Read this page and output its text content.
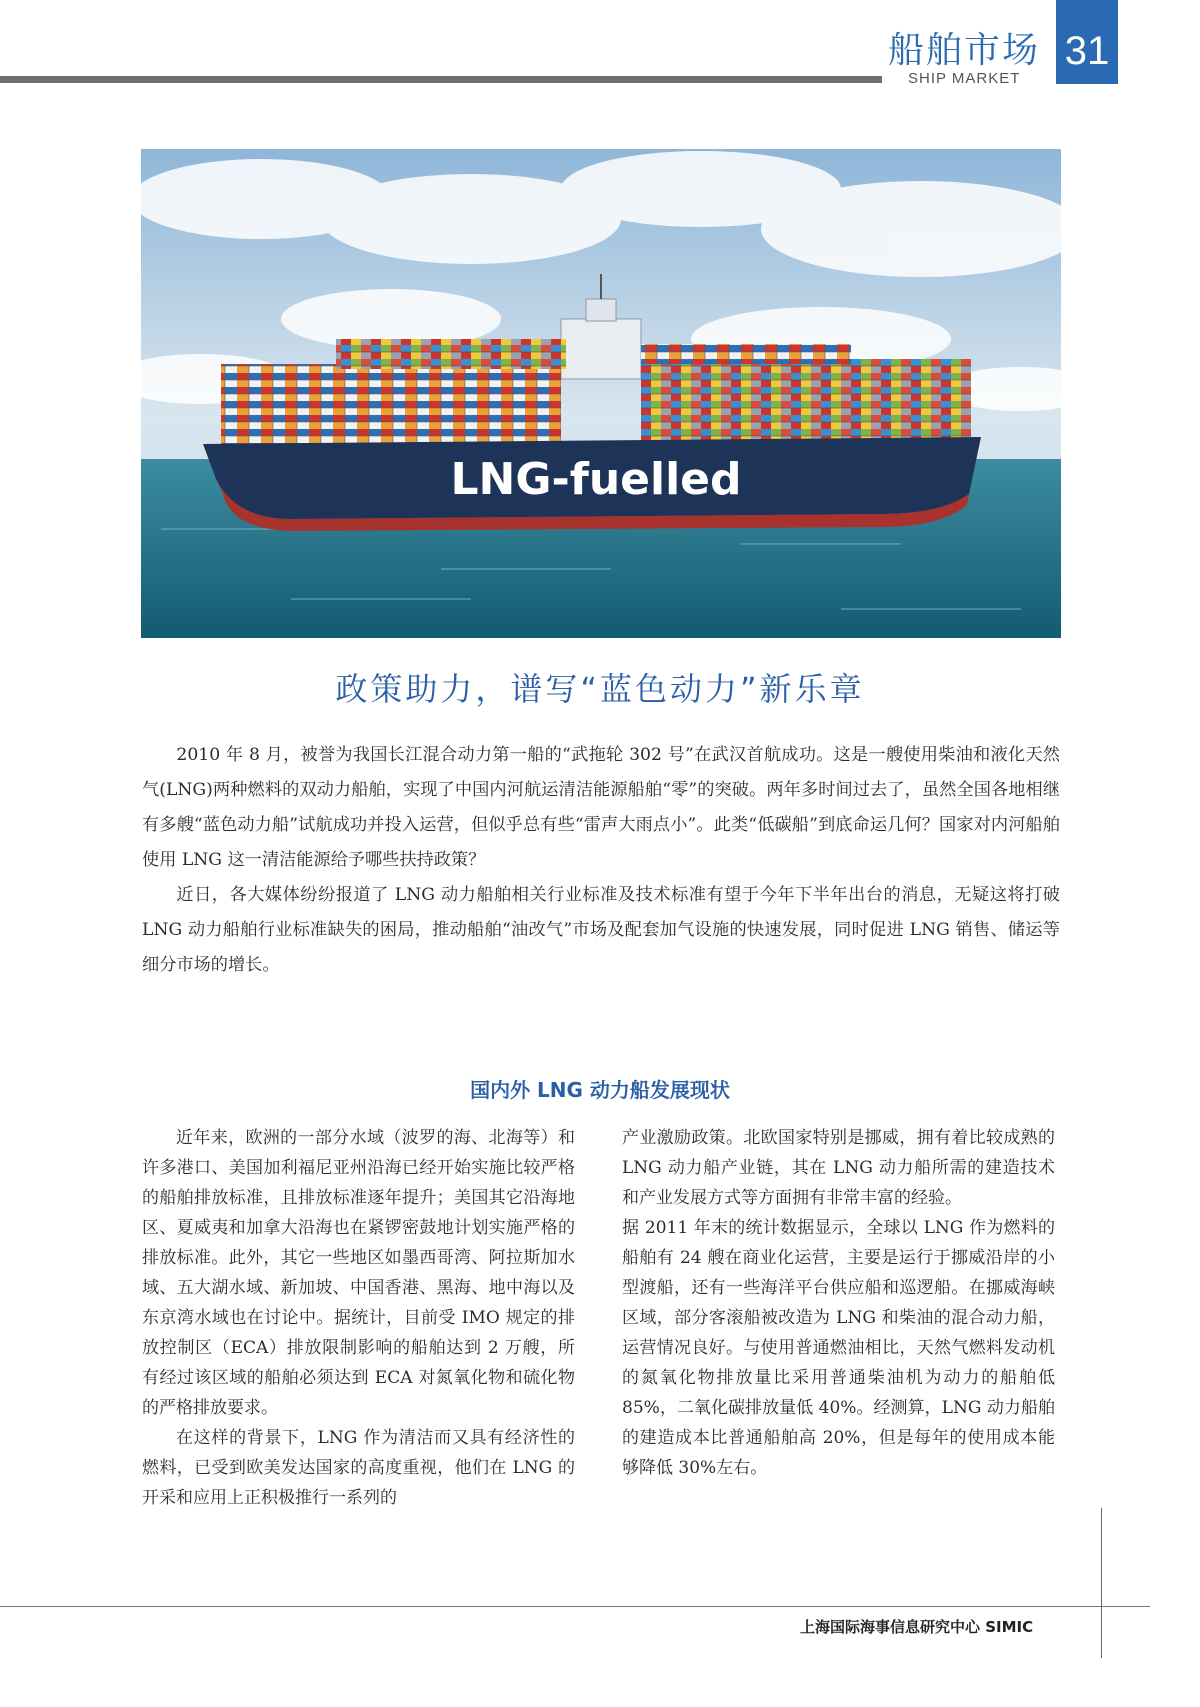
船舶市场
SHIP MARKET
31
LNG-fuelled
政策助力，谱写“蓝色动力”新乐章

2010 年 8 月，被誉为我国长江混合动力第一船的“武拖轮 302 号”在武汉首航成功。这是一艘使用柴油和液化天然气(LNG)两种燃料的双动力船舶，实现了中国内河航运清洁能源船舶“零”的突破。两年多时间过去了，虽然全国各地相继有多艘“蓝色动力船”试航成功并投入运营，但似乎总有些“雷声大雨点小”。此类“低碳船”到底命运几何？国家对内河船舶使用 LNG 这一清洁能源给予哪些扶持政策？

近日，各大媒体纷纷报道了 LNG 动力船舶相关行业标准及技术标准有望于今年下半年出台的消息，无疑这将打破 LNG 动力船舶行业标准缺失的困局，推动船舶“油改气”市场及配套加气设施的快速发展，同时促进 LNG 销售、储运等细分市场的增长。

国内外 LNG 动力船发展现状

近年来，欧洲的一部分水域（波罗的海、北海等）和许多港口、美国加利福尼亚州沿海已经开始实施比较严格的船舶排放标准，且排放标准逐年提升；美国其它沿海地区、夏威夷和加拿大沿海也在紧锣密鼓地计划实施严格的排放标准。此外，其它一些地区如墨西哥湾、阿拉斯加水域、五大湖水域、新加坡、中国香港、黑海、地中海以及东京湾水域也在讨论中。据统计，目前受 IMO 规定的排放控制区（ECA）排放限制影响的船舶达到 2 万艘，所有经过该区域的船舶必须达到 ECA 对氮氧化物和硫化物的严格排放要求。

在这样的背景下，LNG 作为清洁而又具有经济性的燃料，已受到欧美发达国家的高度重视，他们在 LNG 的开采和应用上正积极推行一系列的

产业激励政策。北欧国家特别是挪威，拥有着比较成熟的 LNG 动力船产业链，其在 LNG 动力船所需的建造技术和产业发展方式等方面拥有非常丰富的经验。

据 2011 年末的统计数据显示，全球以 LNG 作为燃料的船舶有 24 艘在商业化运营，主要是运行于挪威沿岸的小型渡船，还有一些海洋平台供应船和巡逻船。在挪威海峡区域，部分客滚船被改造为 LNG 和柴油的混合动力船，运营情况良好。与使用普通燃油相比，天然气燃料发动机的氮氧化物排放量比采用普通柴油机为动力的船舶低 85%，二氧化碳排放量低 40%。经测算，LNG 动力船舶的建造成本比普通船舶高 20%，但是每年的使用成本能够降低 30%左右。

上海国际海事信息研究中心 SIMIC
